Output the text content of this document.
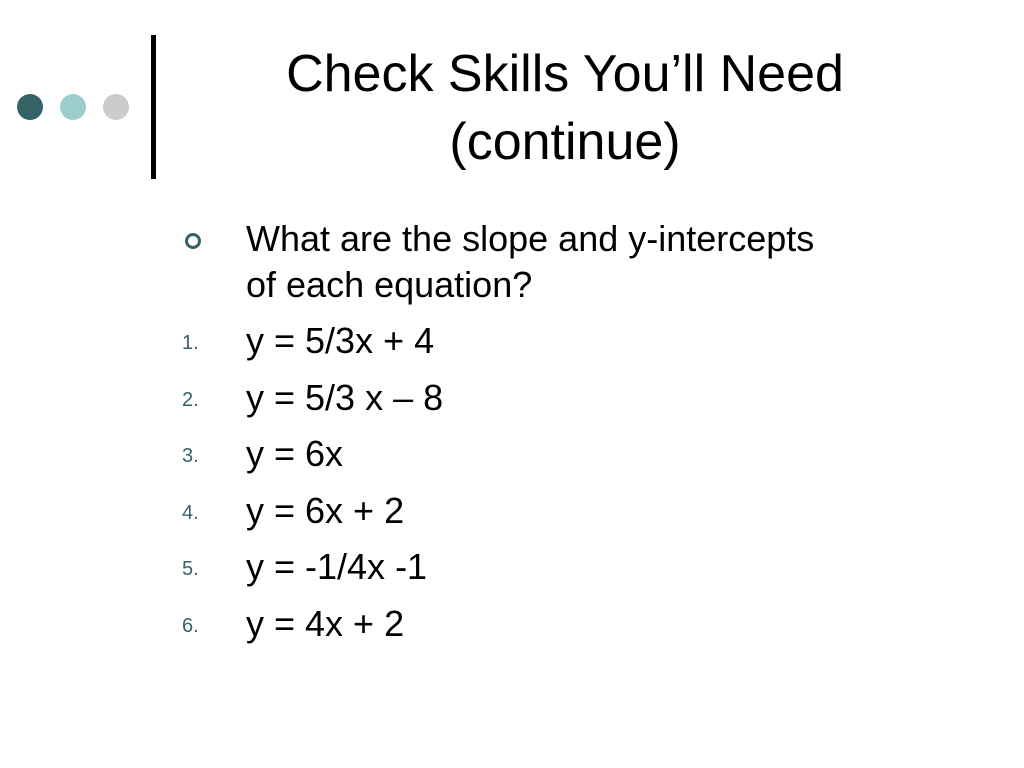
Check Skills You’ll Need
(continue)
What are the slope and y-intercepts
of each equation?
1. y = 5/3x + 4
2. y = 5/3 x – 8
3. y = 6x
4. y = 6x + 2
5. y = -1/4x -1
6. y = 4x + 2
